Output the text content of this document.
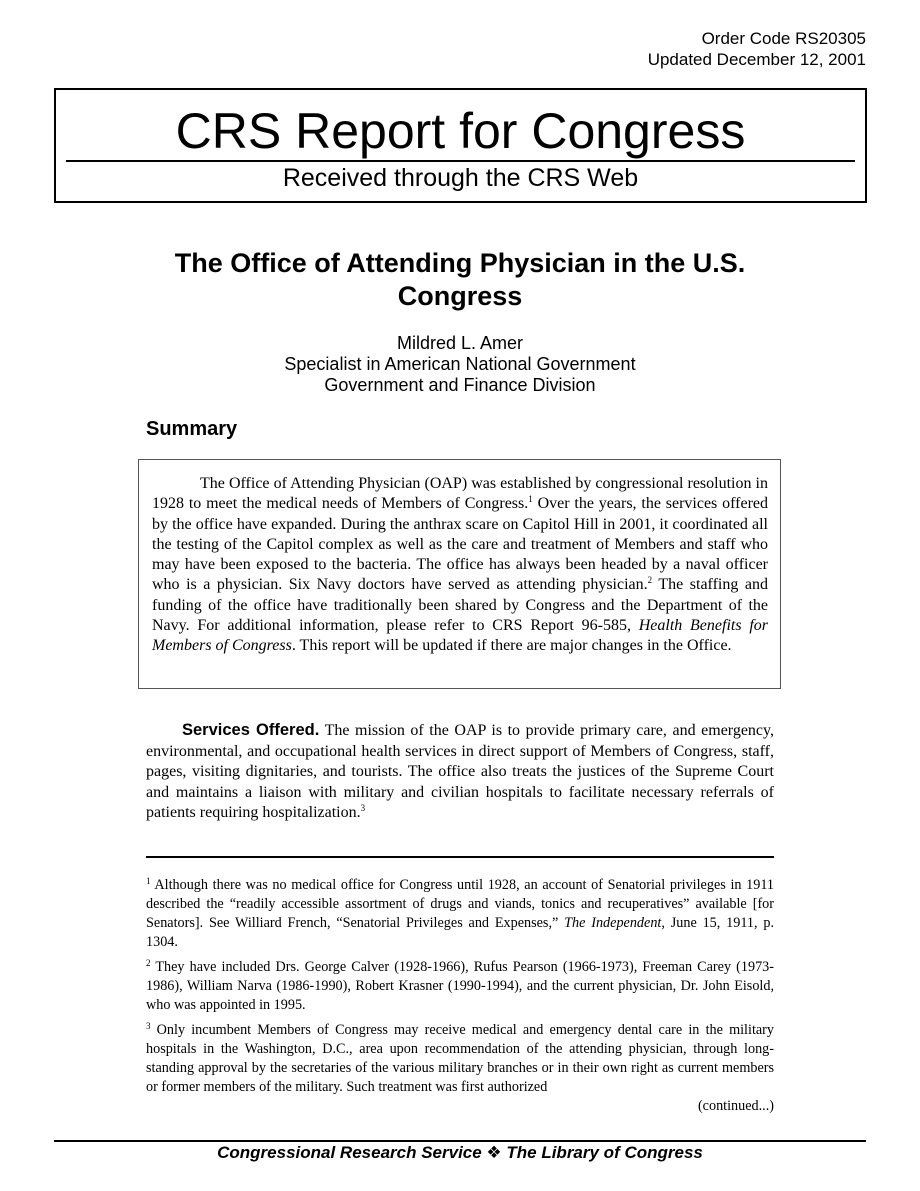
Order Code RS20305
Updated December 12, 2001
CRS Report for Congress
Received through the CRS Web
The Office of Attending Physician in the U.S. Congress
Mildred L. Amer
Specialist in American National Government
Government and Finance Division
Summary

The Office of Attending Physician (OAP) was established by congressional resolution in 1928 to meet the medical needs of Members of Congress.$^1$ Over the years, the services offered by the office have expanded. During the anthrax scare on Capitol Hill in 2001, it coordinated all the testing of the Capitol complex as well as the care and treatment of Members and staff who may have been exposed to the bacteria. The office has always been headed by a naval officer who is a physician. Six Navy doctors have served as attending physician.$^2$ The staffing and funding of the office have traditionally been shared by Congress and the Department of the Navy. For additional information, please refer to CRS Report 96-585, Health Benefits for Members of Congress. This report will be updated if there are major changes in the Office.

Services Offered. The mission of the OAP is to provide primary care, and emergency, environmental, and occupational health services in direct support of Members of Congress, staff, pages, visiting dignitaries, and tourists. The office also treats the justices of the Supreme Court and maintains a liaison with military and civilian hospitals to facilitate necessary referrals of patients requiring hospitalization.$^3$

$^1$ Although there was no medical office for Congress until 1928, an account of Senatorial privileges in 1911 described the “readily accessible assortment of drugs and viands, tonics and recuperatives” available [for Senators]. See Williard French, “Senatorial Privileges and Expenses,” The Independent, June 15, 1911, p. 1304.

$^2$ They have included Drs. George Calver (1928-1966), Rufus Pearson (1966-1973), Freeman Carey (1973-1986), William Narva (1986-1990), Robert Krasner (1990-1994), and the current physician, Dr. John Eisold, who was appointed in 1995.

$^3$ Only incumbent Members of Congress may receive medical and emergency dental care in the military hospitals in the Washington, D.C., area upon recommendation of the attending physician, through long-standing approval by the secretaries of the various military branches or in their own right as current members or former members of the military. Such treatment was first authorized

(continued...)
Congressional Research Service ❖ The Library of Congress
